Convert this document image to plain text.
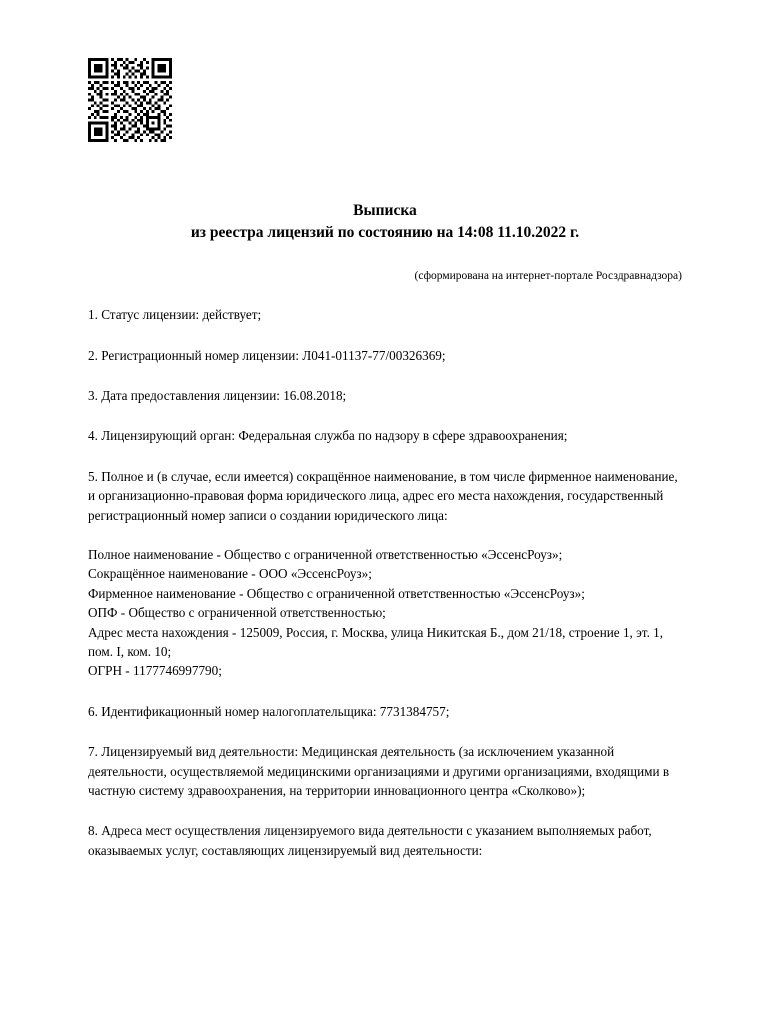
Выписка
из реестра лицензий по состоянию на 14:08 11.10.2022 г.
(сформирована на интернет-портале Росздравнадзора)

1. Статус лицензии: действует;

2. Регистрационный номер лицензии: Л041-01137-77/00326369;

3. Дата предоставления лицензии: 16.08.2018;

4. Лицензирующий орган: Федеральная служба по надзору в сфере здравоохранения;

5. Полное и (в случае, если имеется) сокращённое наименование, в том числе фирменное наименование, и организационно-правовая форма юридического лица, адрес его места нахождения, государственный регистрационный номер записи о создании юридического лица:

Полное наименование - Общество с ограниченной ответственностью «ЭссенсРоуз»;
Сокращённое наименование - ООО «ЭссенсРоуз»;
Фирменное наименование - Общество с ограниченной ответственностью «ЭссенсРоуз»;
ОПФ - Общество с ограниченной ответственностью;
Адрес места нахождения - 125009, Россия, г. Москва, улица Никитская Б., дом 21/18, строение 1, эт. 1, пом. I, ком. 10;
ОГРН - 1177746997790;

6. Идентификационный номер налогоплательщика: 7731384757;

7. Лицензируемый вид деятельности: Медицинская деятельность (за исключением указанной деятельности, осуществляемой медицинскими организациями и другими организациями, входящими в частную систему здравоохранения, на территории инновационного центра «Сколково»);

8. Адреса мест осуществления лицензируемого вида деятельности с указанием выполняемых работ, оказываемых услуг, составляющих лицензируемый вид деятельности:
